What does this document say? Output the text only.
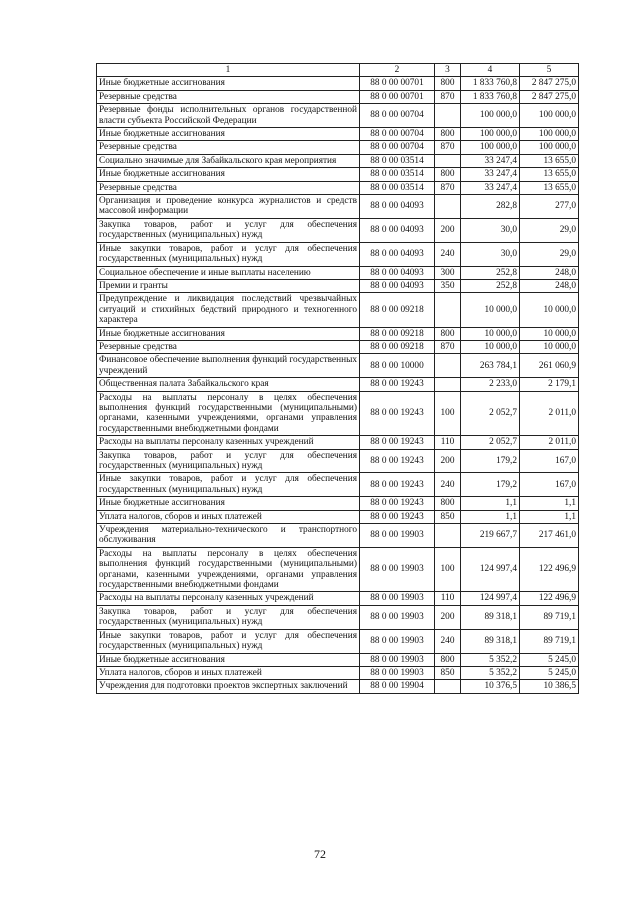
1	2	3	4	5
Иные бюджетные ассигнования	88 0 00 00701	800	1 833 760,8	2 847 275,0
Резервные средства	88 0 00 00701	870	1 833 760,8	2 847 275,0
Резервные фонды исполнительных органов государственной власти субъекта Российской Федерации	88 0 00 00704		100 000,0	100 000,0
Иные бюджетные ассигнования	88 0 00 00704	800	100 000,0	100 000,0
Резервные средства	88 0 00 00704	870	100 000,0	100 000,0
Социально значимые для Забайкальского края мероприятия	88 0 00 03514		33 247,4	13 655,0
Иные бюджетные ассигнования	88 0 00 03514	800	33 247,4	13 655,0
Резервные средства	88 0 00 03514	870	33 247,4	13 655,0
Организация и проведение конкурса журналистов и средств массовой информации	88 0 00 04093		282,8	277,0
Закупка товаров, работ и услуг для обеспечения государственных (муниципальных) нужд	88 0 00 04093	200	30,0	29,0
Иные закупки товаров, работ и услуг для обеспечения государственных (муниципальных) нужд	88 0 00 04093	240	30,0	29,0
Социальное обеспечение и иные выплаты населению	88 0 00 04093	300	252,8	248,0
Премии и гранты	88 0 00 04093	350	252,8	248,0
Предупреждение и ликвидация последствий чрезвычайных ситуаций и стихийных бедствий природного и техногенного характера	88 0 00 09218		10 000,0	10 000,0
Иные бюджетные ассигнования	88 0 00 09218	800	10 000,0	10 000,0
Резервные средства	88 0 00 09218	870	10 000,0	10 000,0
Финансовое обеспечение выполнения функций государственных учреждений	88 0 00 10000		263 784,1	261 060,9
Общественная палата Забайкальского края	88 0 00 19243		2 233,0	2 179,1
Расходы на выплаты персоналу в целях обеспечения выполнения функций государственными (муниципальными) органами, казенными учреждениями, органами управления государственными внебюджетными фондами	88 0 00 19243	100	2 052,7	2 011,0
Расходы на выплаты персоналу казенных учреждений	88 0 00 19243	110	2 052,7	2 011,0
Закупка товаров, работ и услуг для обеспечения государственных (муниципальных) нужд	88 0 00 19243	200	179,2	167,0
Иные закупки товаров, работ и услуг для обеспечения государственных (муниципальных) нужд	88 0 00 19243	240	179,2	167,0
Иные бюджетные ассигнования	88 0 00 19243	800	1,1	1,1
Уплата налогов, сборов и иных платежей	88 0 00 19243	850	1,1	1,1
Учреждения материально-технического и транспортного обслуживания	88 0 00 19903		219 667,7	217 461,0
Расходы на выплаты персоналу в целях обеспечения выполнения функций государственными (муниципальными) органами, казенными учреждениями, органами управления государственными внебюджетными фондами	88 0 00 19903	100	124 997,4	122 496,9
Расходы на выплаты персоналу казенных учреждений	88 0 00 19903	110	124 997,4	122 496,9
Закупка товаров, работ и услуг для обеспечения государственных (муниципальных) нужд	88 0 00 19903	200	89 318,1	89 719,1
Иные закупки товаров, работ и услуг для обеспечения государственных (муниципальных) нужд	88 0 00 19903	240	89 318,1	89 719,1
Иные бюджетные ассигнования	88 0 00 19903	800	5 352,2	5 245,0
Уплата налогов, сборов и иных платежей	88 0 00 19903	850	5 352,2	5 245,0
Учреждения для подготовки проектов экспертных заключений	88 0 00 19904		10 376,5	10 386,5
72
